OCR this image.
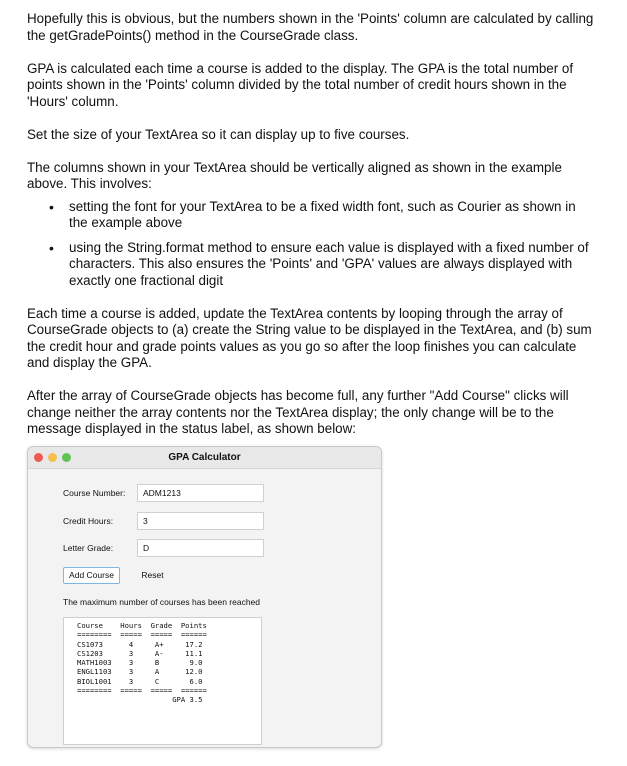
Hopefully this is obvious, but the numbers shown in the 'Points' column are calculated by calling the getGradePoints() method in the CourseGrade class.

GPA is calculated each time a course is added to the display. The GPA is the total number of points shown in the 'Points' column divided by the total number of credit hours shown in the 'Hours' column.

Set the size of your TextArea so it can display up to five courses.

The columns shown in your TextArea should be vertically aligned as shown in the example above. This involves:

• setting the font for your TextArea to be a fixed width font, such as Courier as shown in the example above
• using the String.format method to ensure each value is displayed with a fixed number of characters. This also ensures the 'Points' and 'GPA' values are always displayed with exactly one fractional digit

Each time a course is added, update the TextArea contents by looping through the array of CourseGrade objects to (a) create the String value to be displayed in the TextArea, and (b) sum the credit hour and grade points values as you go so after the loop finishes you can calculate and display the GPA.

After the array of CourseGrade objects has become full, any further "Add Course" clicks will change neither the array contents nor the TextArea display; the only change will be to the message displayed in the status label, as shown below:

GPA Calculator
Course Number:	ADM1213
Credit Hours:	3
Letter Grade:	D
Add Course	Reset
The maximum number of courses has been reached
Course    Hours  Grade  Points
========  =====  =====  ======
CS1073      4     A+     17.2
CS1203      3     A-     11.1
MATH1003    3     B       9.0
ENGL1103    3     A      12.0
BIOL1001    3     C       6.0
========  =====  =====  ======
GPA 3.5
